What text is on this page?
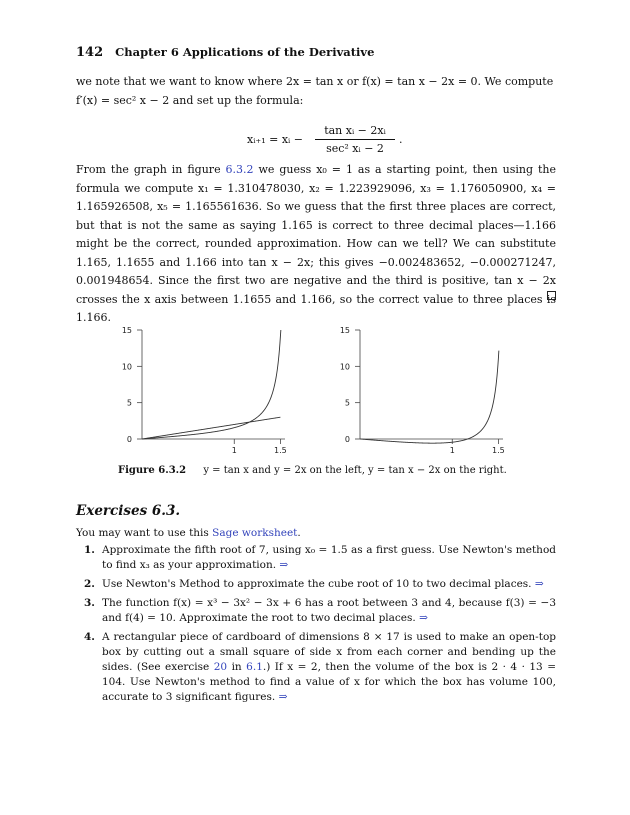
142 Chapter 6 Applications of the Derivative
we note that we want to know where 2x = tan x or f(x) = tan x − 2x = 0. We compute
f′(x) = sec² x − 2 and set up the formula:
xᵢ₊₁ = xᵢ −
tan xᵢ − 2xᵢ
sec² xᵢ − 2
.
From the graph in figure 6.3.2 we guess x₀ = 1 as a starting point, then using the formula we compute x₁ = 1.310478030, x₂ = 1.223929096, x₃ = 1.176050900, x₄ = 1.165926508, x₅ = 1.165561636. So we guess that the first three places are correct, but that is not the same as saying 1.165 is correct to three decimal places—1.166 might be the correct, rounded approximation. How can we tell? We can substitute 1.165, 1.1655 and 1.166 into tan x − 2x; this gives −0.002483652, −0.000271247, 0.001948654. Since the first two are negative and the third is positive, tan x − 2x crosses the x axis between 1.1655 and 1.166, so the correct value to three places is 1.166.
0
5
10
15
1	1.5
0
5
10
15
1	1.5
Figure 6.3.2 y = tan x and y = 2x on the left, y = tan x − 2x on the right.
Exercises 6.3.
You may want to use this Sage worksheet.
1. Approximate the fifth root of 7, using x₀ = 1.5 as a first guess. Use Newton's method to find x₃ as your approximation. ⇒
2. Use Newton's Method to approximate the cube root of 10 to two decimal places. ⇒
3. The function f(x) = x³ − 3x² − 3x + 6 has a root between 3 and 4, because f(3) = −3 and f(4) = 10. Approximate the root to two decimal places. ⇒
4. A rectangular piece of cardboard of dimensions 8 × 17 is used to make an open-top box by cutting out a small square of side x from each corner and bending up the sides. (See exercise 20 in 6.1.) If x = 2, then the volume of the box is 2 · 4 · 13 = 104. Use Newton's method to find a value of x for which the box has volume 100, accurate to 3 significant figures. ⇒
